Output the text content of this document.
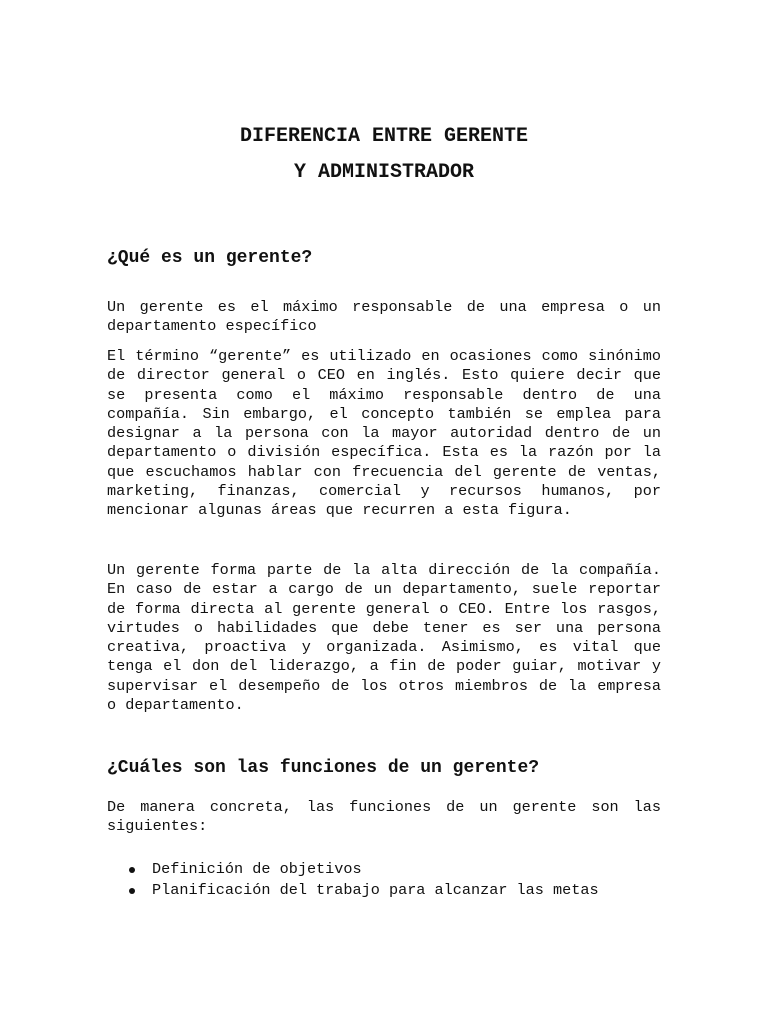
DIFERENCIA ENTRE GERENTE
Y ADMINISTRADOR
¿Qué es un gerente?

Un gerente es el máximo responsable de una empresa o un departamento específico

El término “gerente” es utilizado en ocasiones como sinónimo de director general o CEO en inglés. Esto quiere decir que se presenta como el máximo responsable dentro de una compañía. Sin embargo, el concepto también se emplea para designar a la persona con la mayor autoridad dentro de un departamento o división específica. Esta es la razón por la que escuchamos hablar con frecuencia del gerente de ventas, marketing, finanzas, comercial y recursos humanos, por mencionar algunas áreas que recurren a esta figura.

Un gerente forma parte de la alta dirección de la compañía. En caso de estar a cargo de un departamento, suele reportar de forma directa al gerente general o CEO. Entre los rasgos, virtudes o habilidades que debe tener es ser una persona creativa, proactiva y organizada. Asimismo, es vital que tenga el don del liderazgo, a fin de poder guiar, motivar y supervisar el desempeño de los otros miembros de la empresa o departamento.

¿Cuáles son las funciones de un gerente?

De manera concreta, las funciones de un gerente son las siguientes:

Definición de objetivos
Planificación del trabajo para alcanzar las metas
